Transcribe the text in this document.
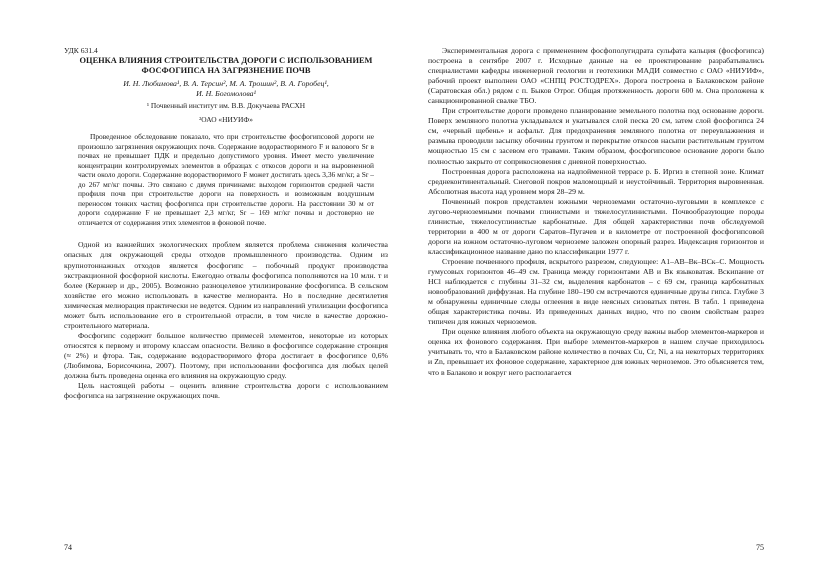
УДК 631.4

ОЦЕНКА ВЛИЯНИЯ СТРОИТЕЛЬСТВА ДОРОГИ С ИСПОЛЬЗОВАНИЕМ ФОСФОГИПСА НА ЗАГРЯЗНЕНИЕ ПОЧВ

И. Н. Любимова¹, В. А. Терсин², М. А. Трошин², В. А. Горобец¹,
И. Н. Богомолова¹

¹ Почвенный институт им. В.В. Докучаева РАСХН

²ОАО «НИУИФ»

Проведенное обследование показало, что при строительстве фосфогипсовой дороги не произошло загрязнения окружающих почв. Содержание водорастворимого F и валового Sr в почвах не превышает ПДК и предельно допустимого уровня. Имеет место увеличение концентрации контролируемых элементов в образцах с откосов дороги и на выровненной части около дороги. Содержание водорастворимого F может достигать здесь 3,36 мг/кг, а Sr – до 267 мг/кг почвы. Это связано с двумя причинами: выходом горизонтов средней части профиля почв при строительстве дороги на поверхность и возможным воздушным переносом тонких частиц фосфогипса при строительстве дороги. На расстоянии 30 м от дороги содержание F не превышает 2,3 мг/кг, Sr – 169 мг/кг почвы и достоверно не отличается от содержания этих элементов в фоновой почве.

Одной из важнейших экологических проблем является проблема снижения количества опасных для окружающей среды отходов промышленного производства. Одним из крупнотоннажных отходов является фосфогипс – побочный продукт производства экстракционной фосфорной кислоты. Ежегодно отвалы фосфогипса пополняются на 10 млн. т и более (Кержнер и др., 2005). Возможно разноцелевое утилизирование фосфогипса. В сельском хозяйстве его можно использовать в качестве мелиоранта. Но в последние десятилетия химическая мелиорация практически не ведется. Одним из направлений утилизации фосфогипса может быть использование его в строительной отрасли, в том числе в качестве дорожно-строительного материала.

Фосфогипс содержит большое количество примесей элементов, некоторые из которых относятся к первому и второму классам опасности. Велико в фосфогипсе содержание стронция (≈ 2%) и фтора. Так, содержание водорастворимого фтора достигает в фосфогипсе 0,6% (Любимова, Борисочкина, 2007). Поэтому, при использовании фосфогипса для любых целей должна быть проведена оценка его влияния на окружающую среду.

Цель настоящей работы – оценить влияние строительства дороги с использованием фосфогипса на загрязнение окружающих почв.

74

Экспериментальная дорога с применением фосфополугидрата сульфата кальция (фосфогипса) построена в сентябре 2007 г. Исходные данные на ее проектирование разрабатывались специалистами кафедры инженерной геологии и геотехники МАДИ совместно с ОАО «НИУИФ», рабочий проект выполнен ОАО «СНПЦ РОСТОДРЕХ». Дорога построена в Балаковском районе (Саратовская обл.) рядом с п. Быков Отрог. Общая протяженность дороги 600 м. Она проложена к санкционированной свалке ТБО.

При строительстве дороги проведено планирование земельного полотна под основание дороги. Поверх земляного полотна укладывался и укатывался слой песка 20 см, затем слой фосфогипса 24 см, «черный щебень» и асфальт. Для предохранения земляного полотна от переувлажнения и размыва проводили засыпку обочины грунтом и перекрытие откосов насыпи растительным грунтом мощностью 15 см с засевом его травами. Таким образом, фосфогипсовое основание дороги было полностью закрыто от соприкосновения с дневной поверхностью.

Построенная дорога расположена на надпойменной террасе р. Б. Иргиз в степной зоне. Климат среднеконтинентальный. Снеговой покров маломощный и неустойчивый. Территория выровненная. Абсолютная высота над уровнем моря 28–29 м.

Почвенный покров представлен южными черноземами остаточно-луговыми в комплексе с лугово-черноземными почвами глинистыми и тяжелосуглинистыми. Почвообразующие породы глинистые, тяжелосуглинистые карбонатные. Для общей характеристики почв обследуемой территории в 400 м от дороги Саратов–Пугачев и в километре от построенной фосфогипсовой дороги на южном остаточно-луговом черноземе заложен опорный разрез. Индексация горизонтов и классификационное название дано по классификации 1977 г.

Строение почвенного профиля, вскрытого разрезом, следующее: А1–АВ–Вк–ВСк–С. Мощность гумусовых горизонтов 46–49 см. Граница между горизонтами АВ и Вк языковатая. Вскипание от HCl наблюдается с глубины 31–32 см, выделения карбонатов – с 69 см, граница карбонатных новообразований диффузная. На глубине 180–190 см встречаются единичные друзы гипса. Глубже 3 м обнаружены единичные следы оглеения в виде неясных сизоватых пятен. В табл. 1 приведена общая характеристика почвы. Из приведенных данных видно, что по своим свойствам разрез типичен для южных черноземов.

При оценке влияния любого объекта на окружающую среду важны выбор элементов-маркеров и оценка их фонового содержания. При выборе элементов-маркеров в нашем случае приходилось учитывать то, что в Балаковском районе количество в почвах Cu, Cr, Ni, а на некоторых территориях и Zn, превышает их фоновое содержание, характерное для южных черноземов. Это объясняется тем, что в Балаково и вокруг него располагается

75
